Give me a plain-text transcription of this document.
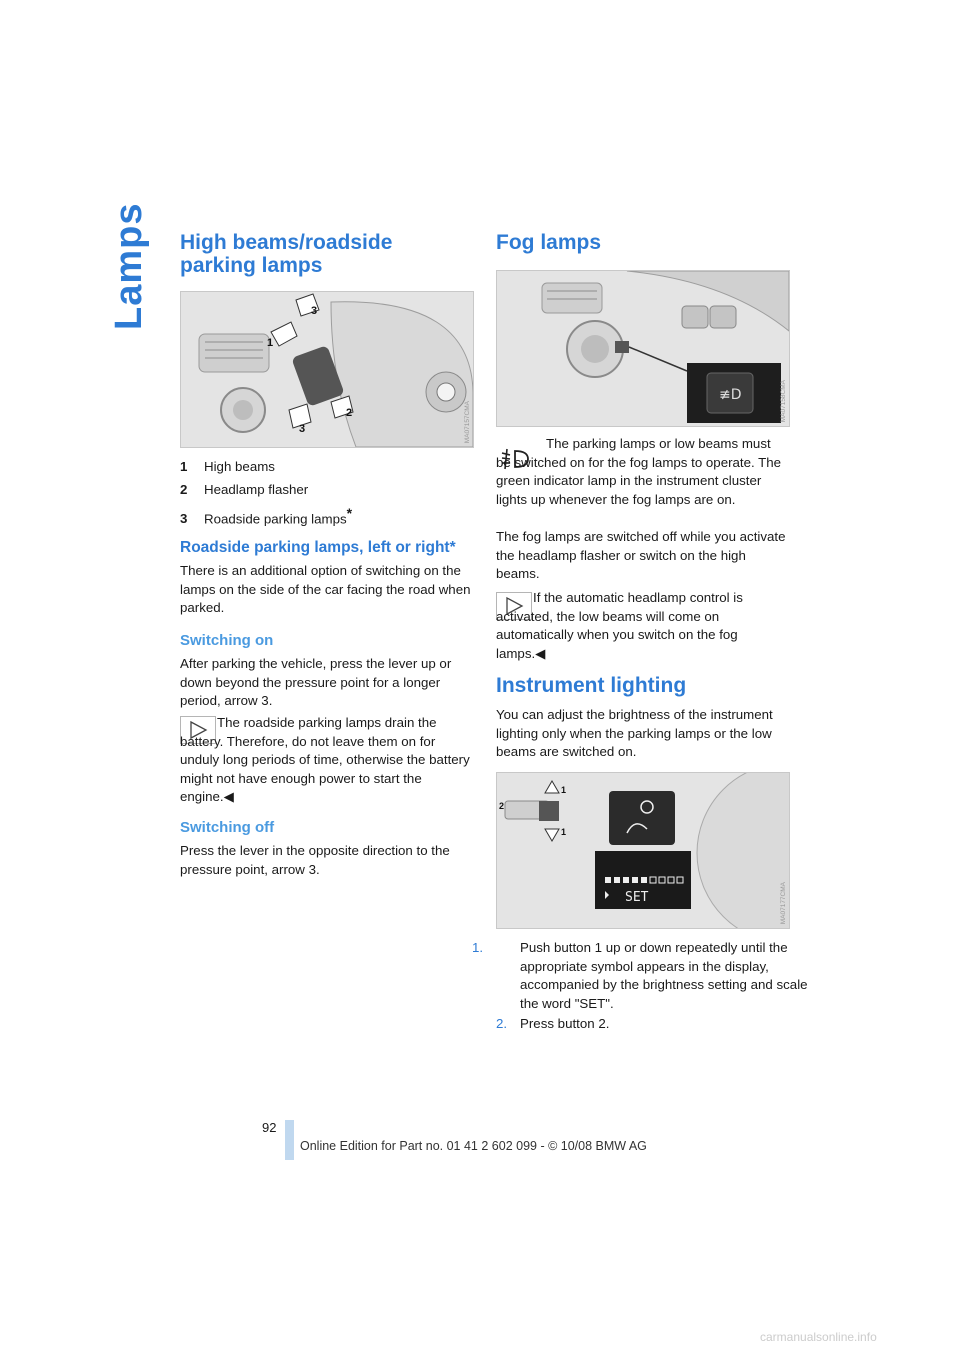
Lamps High beams/roadside parking lamps
1
3
2
3	MA07157CMA
1 High beams
2 Headlamp flasher
3 Roadside parking lamps*
Roadside parking lamps, left or right*

There is an additional option of switching on the lamps on the side of the car facing the road when parked.

Switching on

After parking the vehicle, press the lever up or down beyond the pressure point for a longer period, arrow 3.

The roadside parking lamps drain the battery. Therefore, do not leave them on for unduly long periods of time, otherwise the battery might not have enough power to start the engine.◀

Switching off

Press the lever in the opposite direction to the pressure point, arrow 3.

Fog lamps
≢D	MA07158CMA

The parking lamps or low beams must be switched on for the fog lamps to operate. The green indicator lamp in the instrument cluster lights up whenever the fog lamps are on.

The fog lamps are switched off while you activate the headlamp flasher or switch on the high beams.

If the automatic headlamp control is activated, the low beams will come on automatically when you switch on the fog lamps.◀

Instrument lighting

You can adjust the brightness of the instrument lighting only when the parking lamps or the low beams are switched on.

1
1
2
SET	MA07177CMA
1.	Push button 1 up or down repeatedly until the appropriate symbol appears in the display, accompanied by the brightness setting and scale the word "SET".
2. Press button 2.
92
Online Edition for Part no. 01 41 2 602 099 - © 10/08 BMW AG
carmanualsonline.info
